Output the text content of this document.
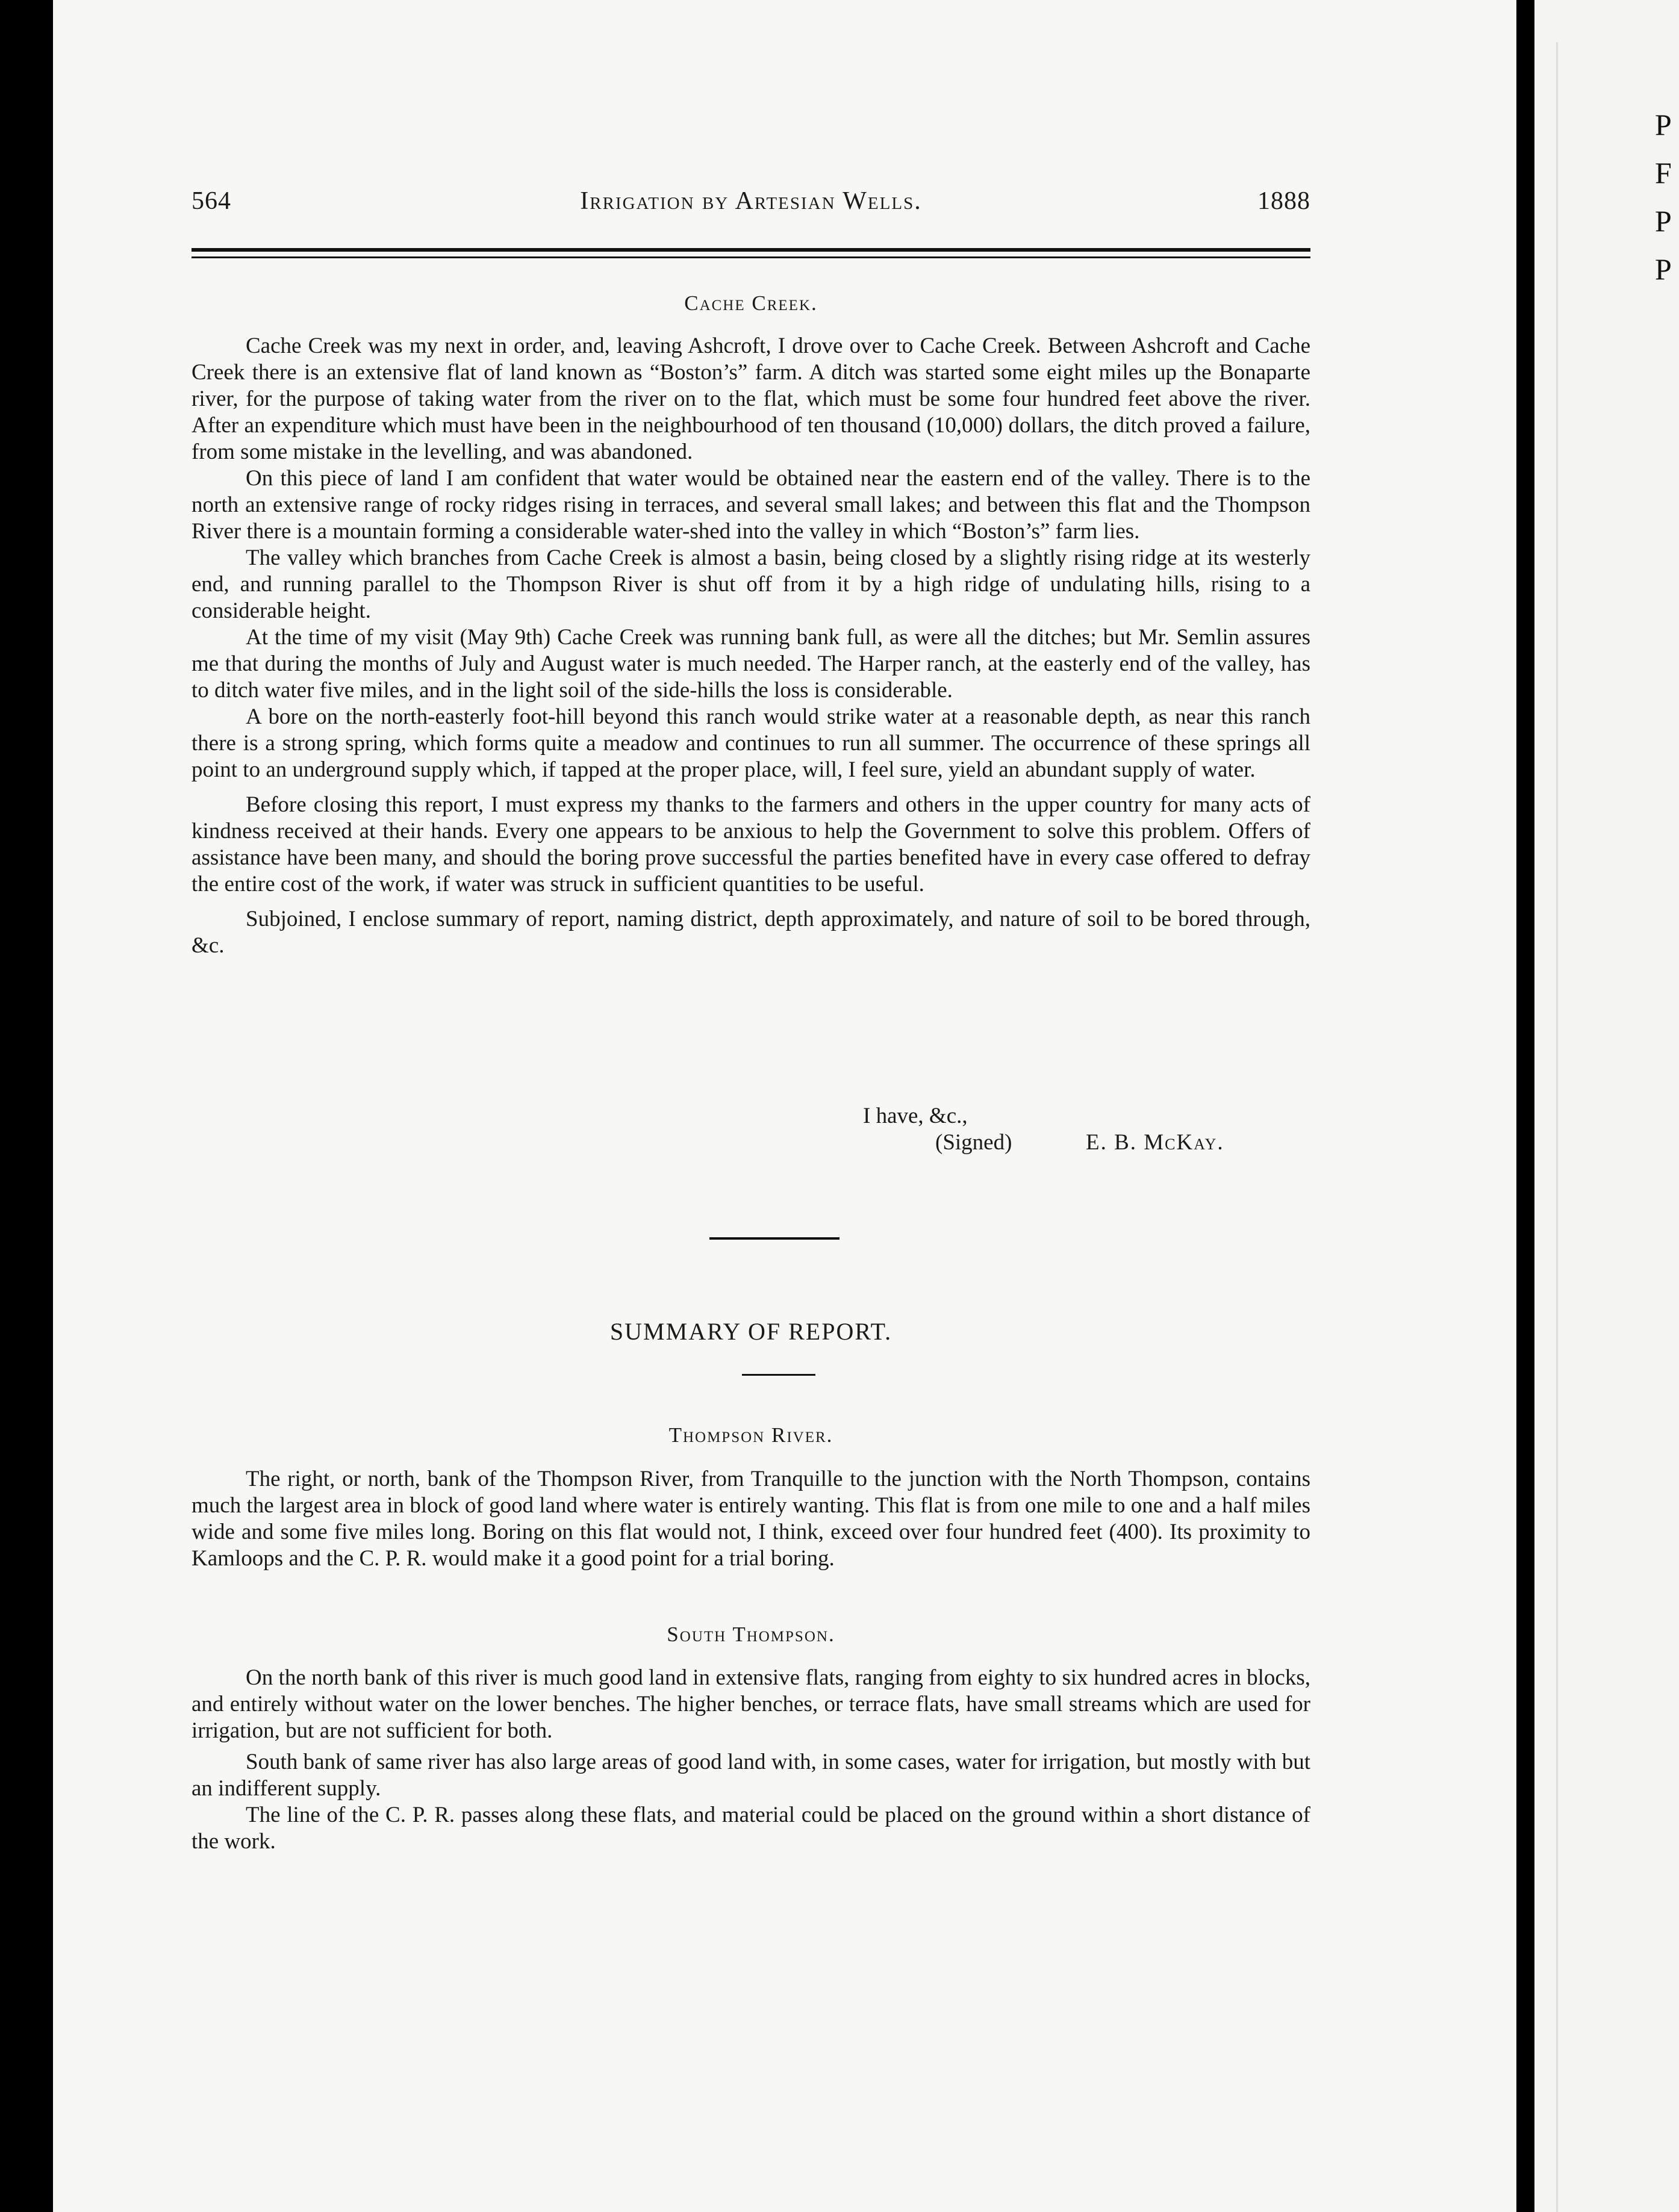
P
F
P
P
564	Irrigation by Artesian Wells.	1888
Cache Creek.

Cache Creek was my next in order, and, leaving Ashcroft, I drove over to Cache Creek. Between Ashcroft and Cache Creek there is an extensive flat of land known as “Boston’s” farm. A ditch was started some eight miles up the Bonaparte river, for the purpose of taking water from the river on to the flat, which must be some four hundred feet above the river. After an expenditure which must have been in the neighbourhood of ten thousand (10,000) dollars, the ditch proved a failure, from some mistake in the levelling, and was abandoned.

On this piece of land I am confident that water would be obtained near the eastern end of the valley. There is to the north an extensive range of rocky ridges rising in terraces, and several small lakes; and between this flat and the Thompson River there is a mountain forming a considerable water-shed into the valley in which “Boston’s” farm lies.

The valley which branches from Cache Creek is almost a basin, being closed by a slightly rising ridge at its westerly end, and running parallel to the Thompson River is shut off from it by a high ridge of undulating hills, rising to a considerable height.

At the time of my visit (May 9th) Cache Creek was running bank full, as were all the ditches; but Mr. Semlin assures me that during the months of July and August water is much needed. The Harper ranch, at the easterly end of the valley, has to ditch water five miles, and in the light soil of the side-hills the loss is considerable.

A bore on the north-easterly foot-hill beyond this ranch would strike water at a reasonable depth, as near this ranch there is a strong spring, which forms quite a meadow and continues to run all summer. The occurrence of these springs all point to an underground supply which, if tapped at the proper place, will, I feel sure, yield an abundant supply of water.

Before closing this report, I must express my thanks to the farmers and others in the upper country for many acts of kindness received at their hands. Every one appears to be anxious to help the Government to solve this problem. Offers of assistance have been many, and should the boring prove successful the parties benefited have in every case offered to defray the entire cost of the work, if water was struck in sufficient quantities to be useful.

Subjoined, I enclose summary of report, naming district, depth approximately, and nature of soil to be bored through, &c.

I have, &c.,
(Signed)	E. B. McKay.
SUMMARY OF REPORT.
Thompson River.

The right, or north, bank of the Thompson River, from Tranquille to the junction with the North Thompson, contains much the largest area in block of good land where water is entirely wanting. This flat is from one mile to one and a half miles wide and some five miles long. Boring on this flat would not, I think, exceed over four hundred feet (400). Its proximity to Kamloops and the C. P. R. would make it a good point for a trial boring.

South Thompson.

On the north bank of this river is much good land in extensive flats, ranging from eighty to six hundred acres in blocks, and entirely without water on the lower benches. The higher benches, or terrace flats, have small streams which are used for irrigation, but are not sufficient for both.

South bank of same river has also large areas of good land with, in some cases, water for irrigation, but mostly with but an indifferent supply.

The line of the C. P. R. passes along these flats, and material could be placed on the ground within a short distance of the work.
